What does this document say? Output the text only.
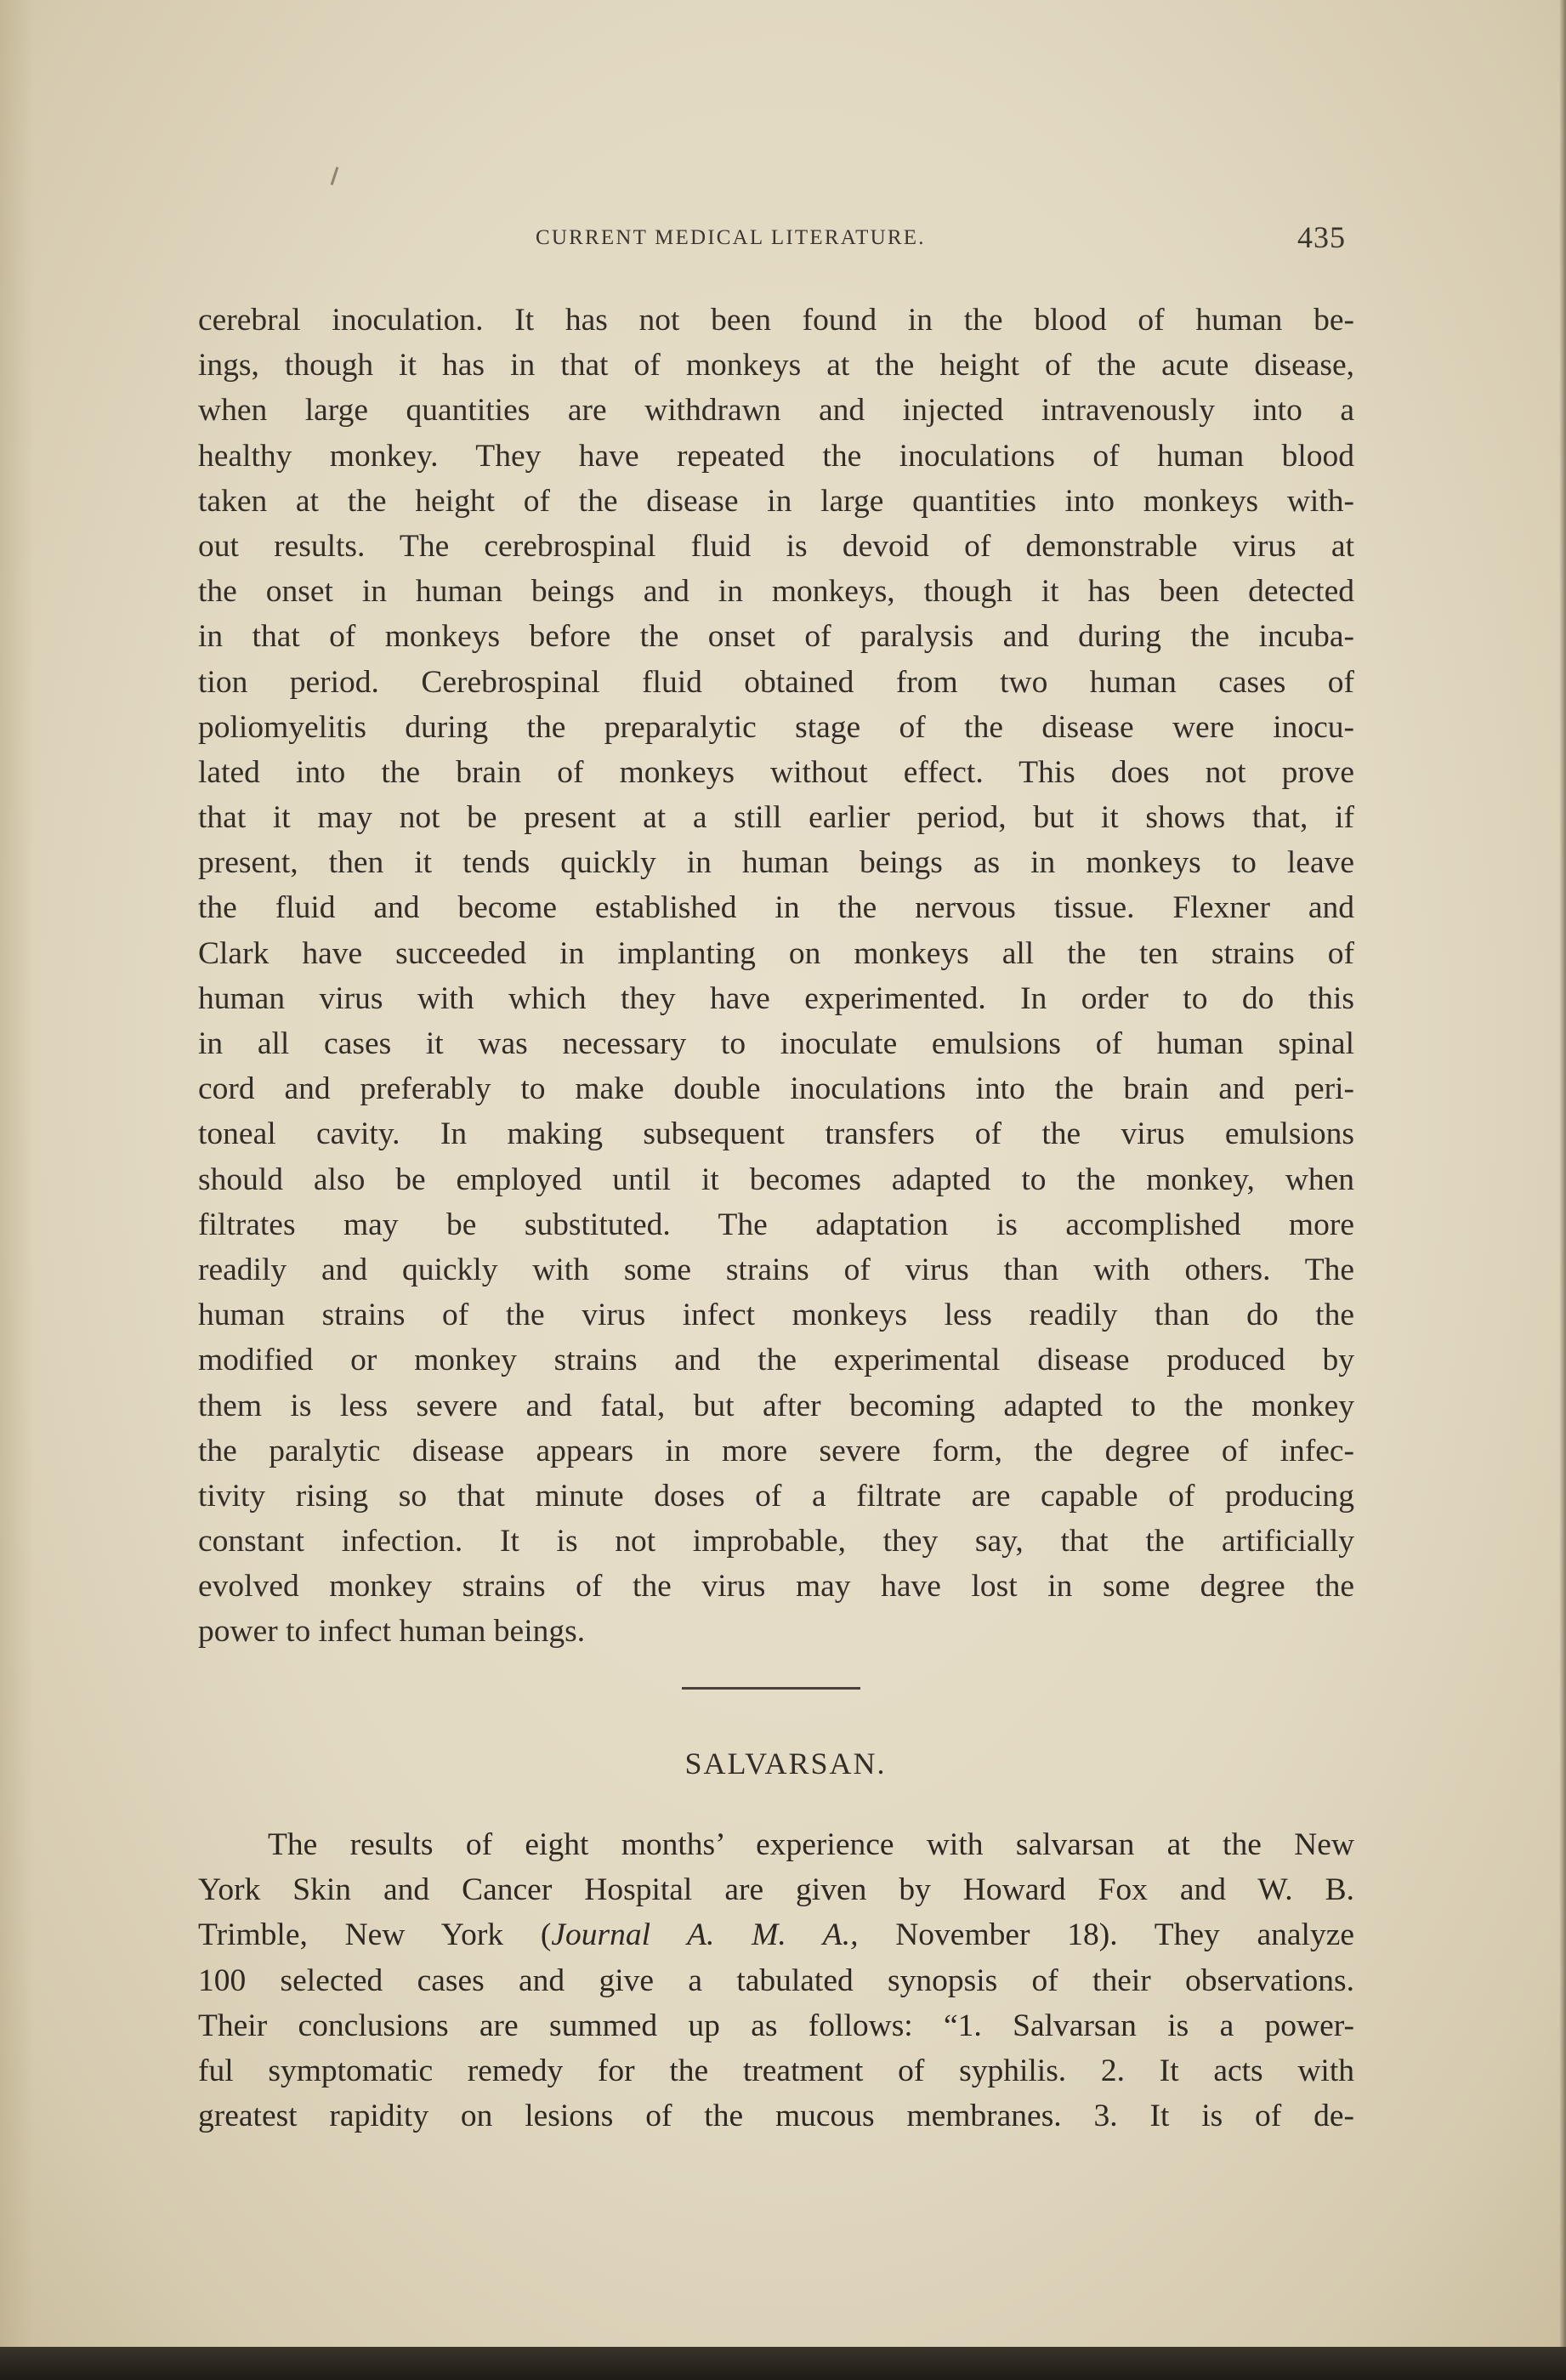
CURRENT MEDICAL LITERATURE.	435
cerebral inoculation. It has not been found in the blood of human be-
ings, though it has in that of monkeys at the height of the acute disease,
when large quantities are withdrawn and injected intravenously into a
healthy monkey. They have repeated the inoculations of human blood
taken at the height of the disease in large quantities into monkeys with-
out results. The cerebrospinal fluid is devoid of demonstrable virus at
the onset in human beings and in monkeys, though it has been detected
in that of monkeys before the onset of paralysis and during the incuba-
tion period. Cerebrospinal fluid obtained from two human cases of
poliomyelitis during the preparalytic stage of the disease were inocu-
lated into the brain of monkeys without effect. This does not prove
that it may not be present at a still earlier period, but it shows that, if
present, then it tends quickly in human beings as in monkeys to leave
the fluid and become established in the nervous tissue. Flexner and
Clark have succeeded in implanting on monkeys all the ten strains of
human virus with which they have experimented. In order to do this
in all cases it was necessary to inoculate emulsions of human spinal
cord and preferably to make double inoculations into the brain and peri-
toneal cavity. In making subsequent transfers of the virus emulsions
should also be employed until it becomes adapted to the monkey, when
filtrates may be substituted. The adaptation is accomplished more
readily and quickly with some strains of virus than with others. The
human strains of the virus infect monkeys less readily than do the
modified or monkey strains and the experimental disease produced by
them is less severe and fatal, but after becoming adapted to the monkey
the paralytic disease appears in more severe form, the degree of infec-
tivity rising so that minute doses of a filtrate are capable of producing
constant infection. It is not improbable, they say, that the artificially
evolved monkey strains of the virus may have lost in some degree the
power to infect human beings.
SALVARSAN.
The results of eight months’ experience with salvarsan at the New
York Skin and Cancer Hospital are given by Howard Fox and W. B.
Trimble, New York (Journal A. M. A., November 18). They analyze
100 selected cases and give a tabulated synopsis of their observations.
Their conclusions are summed up as follows: “1. Salvarsan is a power-
ful symptomatic remedy for the treatment of syphilis. 2. It acts with
greatest rapidity on lesions of the mucous membranes. 3. It is of de-
